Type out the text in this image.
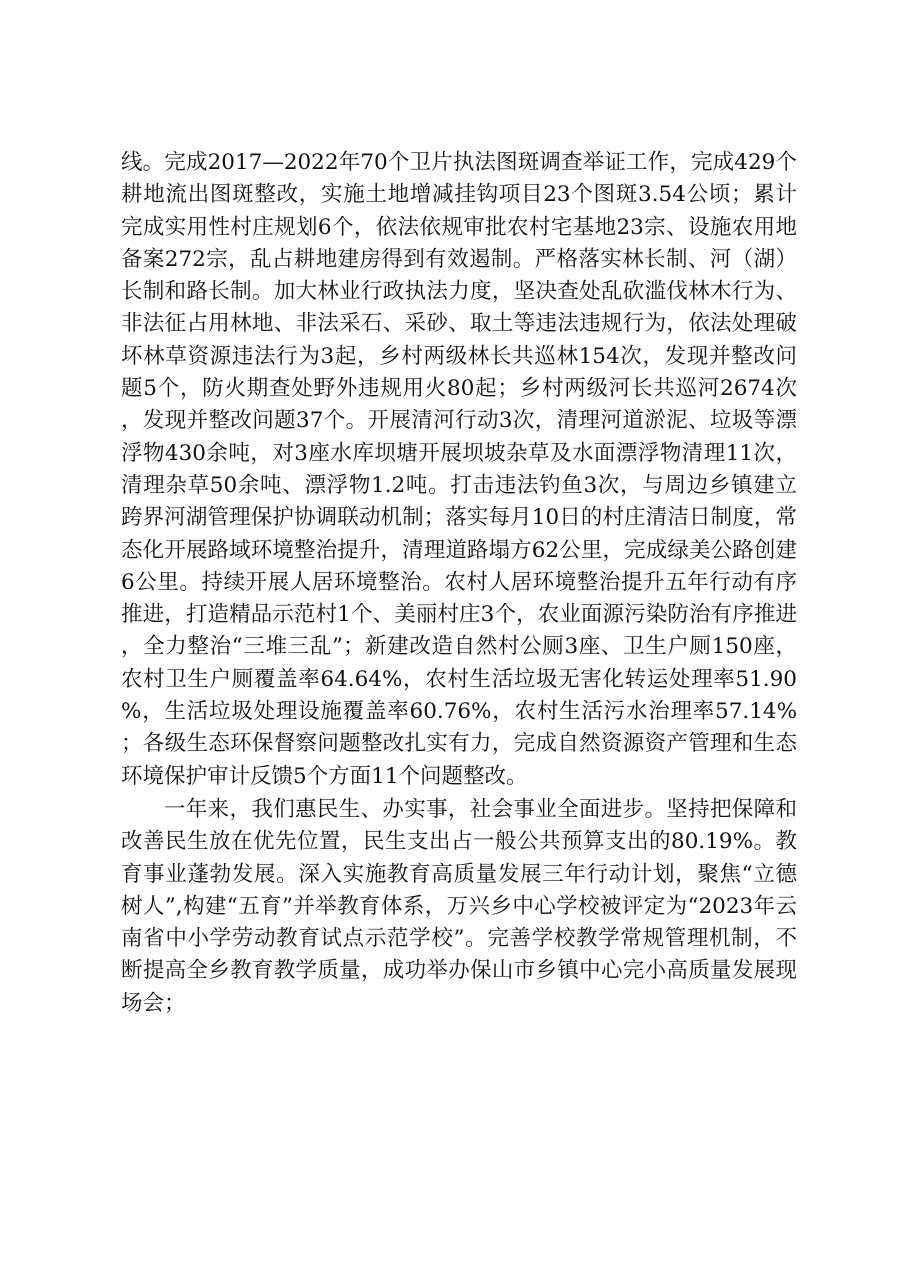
线。完成2017—2022年70个卫片执法图斑调查举证工作，完成429个耕地流出图斑整改，实施土地增减挂钩项目23个图斑3.54公顷；累计完成实用性村庄规划6个，依法依规审批农村宅基地23宗、设施农用地备案272宗，乱占耕地建房得到有效遏制。严格落实林长制、河（湖）长制和路长制。加大林业行政执法力度，坚决查处乱砍滥伐林木行为、非法征占用林地、非法采石、采砂、取土等违法违规行为，依法处理破坏林草资源违法行为3起，乡村两级林长共巡林154次，发现并整改问题5个，防火期查处野外违规用火80起；乡村两级河长共巡河2674次，发现并整改问题37个。开展清河行动3次，清理河道淤泥、垃圾等漂浮物430余吨，对3座水库坝塘开展坝坡杂草及水面漂浮物清理11次，清理杂草50余吨、漂浮物1.2吨。打击违法钓鱼3次，与周边乡镇建立跨界河湖管理保护协调联动机制；落实每月10日的村庄清洁日制度，常态化开展路域环境整治提升，清理道路塌方62公里，完成绿美公路创建6公里。持续开展人居环境整治。农村人居环境整治提升五年行动有序推进，打造精品示范村1个、美丽村庄3个，农业面源污染防治有序推进，全力整治“三堆三乱”；新建改造自然村公厕3座、卫生户厕150座，农村卫生户厕覆盖率64.64%，农村生活垃圾无害化转运处理率51.90%，生活垃圾处理设施覆盖率60.76%，农村生活污水治理率57.14%；各级生态环保督察问题整改扎实有力，完成自然资源资产管理和生态环境保护审计反馈5个方面11个问题整改。

一年来，我们惠民生、办实事，社会事业全面进步。坚持把保障和改善民生放在优先位置，民生支出占一般公共预算支出的80.19%。教育事业蓬勃发展。深入实施教育高质量发展三年行动计划，聚焦“立德树人”,构建“五育”并举教育体系，万兴乡中心学校被评定为“2023年云南省中小学劳动教育试点示范学校”。完善学校教学常规管理机制，不断提高全乡教育教学质量，成功举办保山市乡镇中心完小高质量发展现场会；
